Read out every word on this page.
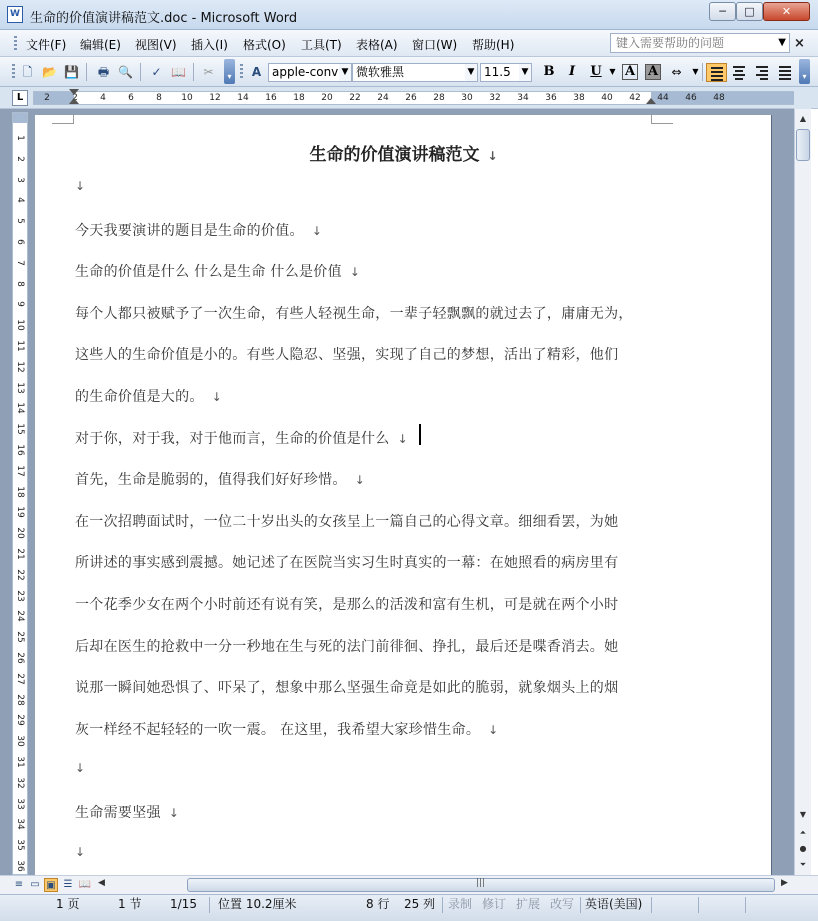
W 生命的价值演讲稿范文.doc - Microsoft Word	─	□	✕
文件(F) 编辑(E) 视图(V) 插入(I) 格式(O) 工具(T) 表格(A) 窗口(W) 帮助(H)	键入需要帮助的问题	▼ ×
🗋 📂 💾	🖶 🔍	✓ 📖	✂	▾	A apple-conv ▼ 微软雅黑	▼ 11.5 ▼	B	I	U ▼ A A	⇔	▼
▾
L	2 2 4 6 8 10 12 14 16 18 20 22 24 26 28 30 32 34 36 38 40 42 44 46 48
1
2
3
4
5
6
7
8
9
10
11
12
13
14
15
16
17
18
19
20
21
22
23
24
25
26
27
28
29
30
31
32
33
34
35
36
生命的价值演讲稿范文 ↓
↓
今天我要演讲的题目是生命的价值。 ↓
生命的价值是什么 什么是生命 什么是价值 ↓
每个人都只被赋予了一次生命，有些人轻视生命，一辈子轻飘飘的就过去了，庸庸无为，
这些人的生命价值是小的。有些人隐忍、坚强，实现了自己的梦想，活出了精彩，他们
的生命价值是大的。 ↓
对于你，对于我，对于他而言，生命的价值是什么 ↓
首先，生命是脆弱的，值得我们好好珍惜。 ↓
在一次招聘面试时，一位二十岁出头的女孩呈上一篇自己的心得文章。细细看罢，为她
所讲述的事实感到震撼。她记述了在医院当实习生时真实的一幕：在她照看的病房里有
一个花季少女在两个小时前还有说有笑，是那么的活泼和富有生机，可是就在两个小时
后却在医生的抢救中一分一秒地在生与死的法门前徘徊、挣扎，最后还是喋香消去。她
说那一瞬间她恐惧了、吓呆了，想象中那么坚强生命竟是如此的脆弱，就象烟头上的烟
灰一样经不起轻轻的一吹一震。 在这里，我希望大家珍惜生命。 ↓
↓
生命需要坚强 ↓
↓
▲
▼
⏶
●
⏷
≡ ▭ ▣ ☰ 📖 ◀	|||	▶
1 页	1 节 1/15 位置 10.2厘米	8 行 25 列 录制 修订 扩展 改写 英语(美国)
